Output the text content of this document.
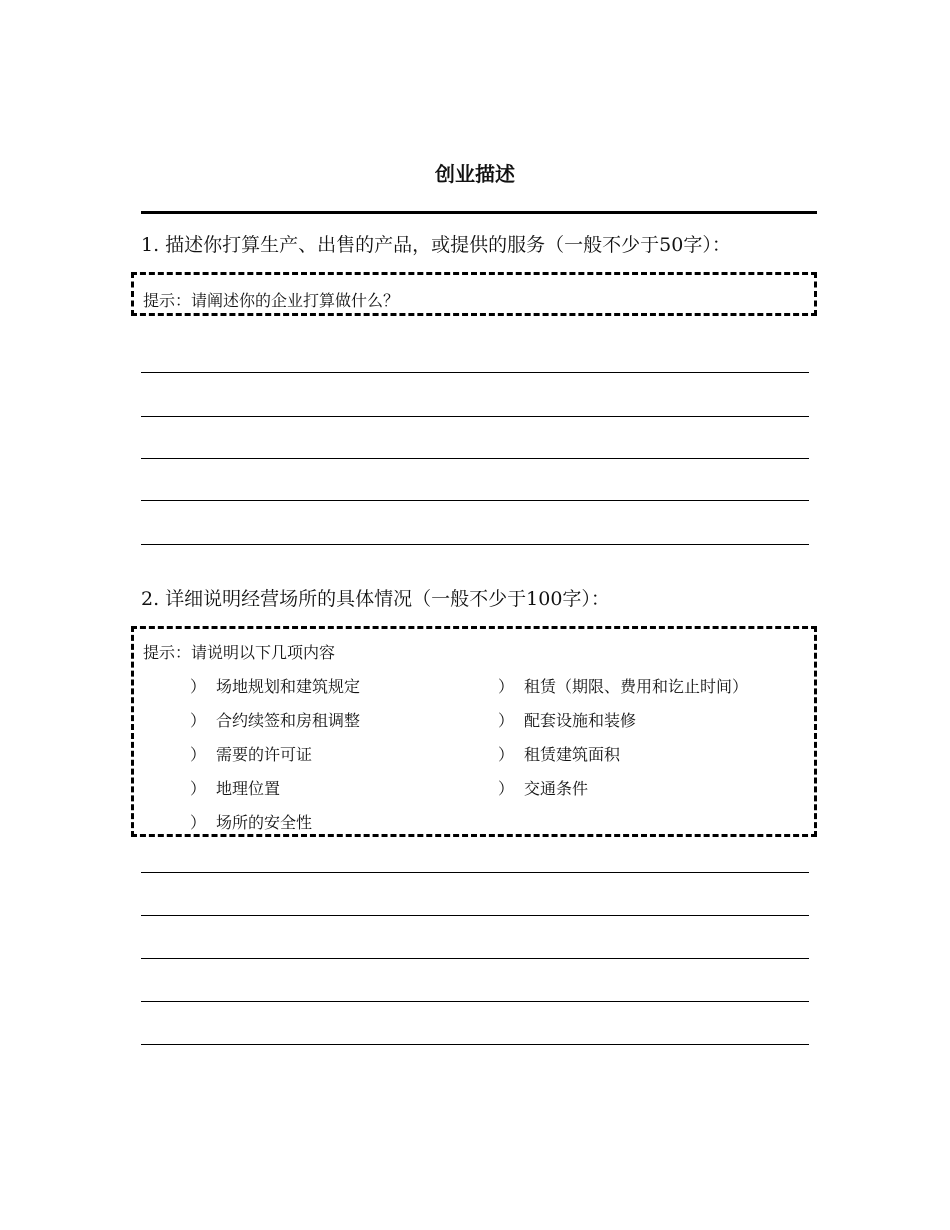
创业描述
1. 描述你打算生产、出售的产品，或提供的服务（一般不少于50字）：
提示：请阐述你的企业打算做什么？
2. 详细说明经营场所的具体情况（一般不少于100字）：
提示：请说明以下几项内容
） 场地规划和建筑规定	） 租赁（期限、费用和讫止时间）
） 合约续签和房租调整	） 配套设施和装修
） 需要的许可证	） 租赁建筑面积
） 地理位置	） 交通条件
） 场所的安全性
